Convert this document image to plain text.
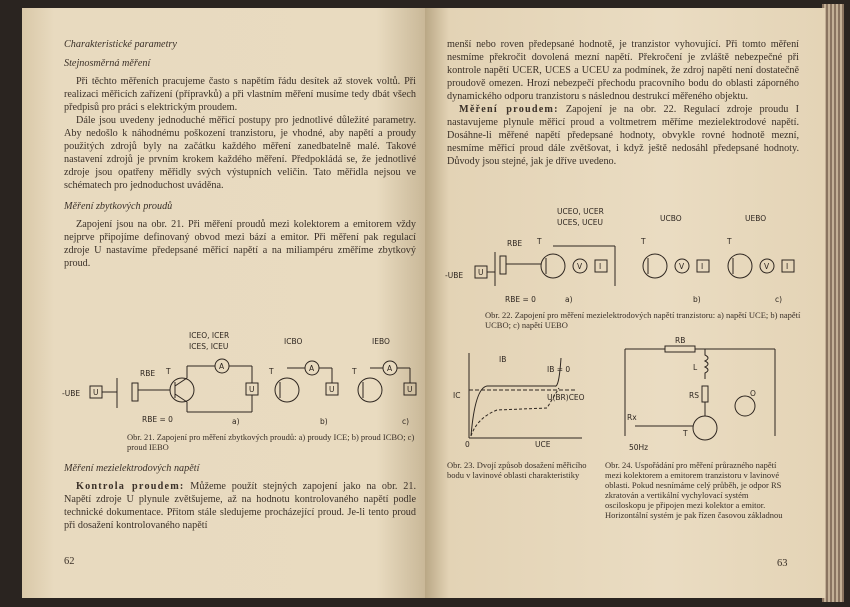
Charakteristické parametry
Stejnosměrná měření

Při těchto měřeních pracujeme často s napětím řádu desítek až stovek voltů. Při realizaci měřicích zařízení (přípravků) a při vlastním měření musíme tedy dbát všech předpisů pro práci s elektrickým proudem.

Dále jsou uvedeny jednoduché měřicí postupy pro jednotlivé důležité parametry. Aby nedošlo k náhodnému poškození tranzistoru, je vhodné, aby napětí a proudy použitých zdrojů byly na začátku každého měření zanedbatelně malé. Takové nastavení zdrojů je prvním krokem každého měření. Předpokládá se, že jednotlivé zdroje jsou opatřeny měřidly svých výstupních veličin. Tato měřidla nejsou ve schématech pro jednoduchost uváděna.

Měření zbytkových proudů

Zapojení jsou na obr. 21. Při měření proudů mezi kolektorem a emitorem vždy nejprve připojíme definovaný obvod mezi bází a emitor. Při měření pak regulací zdroje U nastavíme předepsané měřicí napětí a na miliampéru změříme zbytkový proud.

ICEO, ICER
ICES, ICEU
ICBO	IEBO
RBE
-UBE
RBE = 0	a)	b)	c)
A	A	A
U	U	U	U
T	T	T
Obr. 21. Zapojení pro měření zbytkových proudů: a) proudy ICE; b) proud ICBO; c) proud IEBO
Měření mezielektrodových napětí

Kontrola proudem: Můžeme použít stejných zapojení jako na obr. 21. Napětí zdroje U plynule zvětšujeme, až na hodnotu kontrolovaného napětí podle technické dokumentace. Přitom stále sledujeme procházející proud. Je-li tento proud při dosažení kontrolovaného napětí

62

menší nebo roven předepsané hodnotě, je tranzistor vyhovující. Při tomto měření nesmíme překročit dovolená mezní napětí. Překročení je zvláště nebezpečné při kontrole napětí UCER, UCES a UCEU za podmínek, že zdroj napětí není dostatečně proudově omezen. Hrozí nebezpečí přechodu pracovního bodu do oblasti záporného dynamického odporu tranzistoru s následnou destrukcí měřeného objektu.

Měření proudem: Zapojení je na obr. 22. Regulací zdroje proudu I nastavujeme plynule měřicí proud a voltmetrem měříme mezielektrodové napětí. Dosáhne-li měřené napětí předepsané hodnoty, obvykle rovné hodnotě mezní, nesmíme měřicí proud dále zvětšovat, i když ještě nedosáhl předepsané hodnoty. Důvody jsou stejné, jak je dříve uvedeno.

UCEO, UCER
UCES, UCEU	UCBO	UEBO
RBE
-UBE
RBE = 0	a)	b)	c)
V	V	V
U
I	I	I
T	T	T
Obr. 22. Zapojení pro měření mezielektrodových napětí tranzistoru: a) napětí UCE; b) napětí UCBO; c) napětí UEBO
IB
IB = 0
U(BR)CEO
IC
0	UCE
RB
L
RS
Rx
T
O
50Hz
Obr. 23. Dvojí způsob dosažení měřicího bodu v lavinové oblasti charakteristiky
Obr. 24. Uspořádání pro měření průrazného napětí mezi kolektorem a emitorem tranzistoru v lavinové oblasti. Pokud nesnímáme celý průběh, je odpor RS zkratován a vertikální vychylovací systém osciloskopu je připojen mezi kolektor a emitor. Horizontální systém je pak řízen časovou základnou
63
